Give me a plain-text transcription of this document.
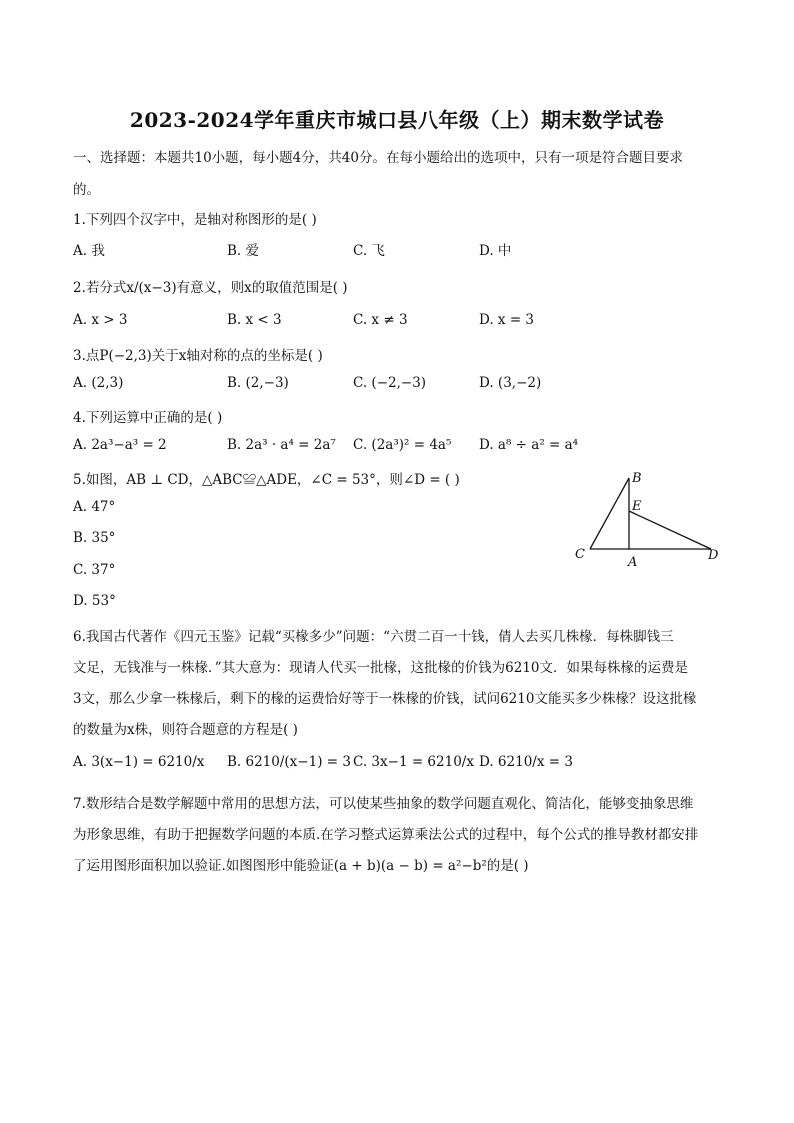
2023-2024学年重庆市城口县八年级（上）期末数学试卷
一、选择题：本题共10小题，每小题4分，共40分。在每小题给出的选项中，只有一项是符合题目要求
的。
1.下列四个汉字中，是轴对称图形的是( )
A. 我	B. 爱	C. 飞	D. 中
2.若分式x/(x−3)有意义，则x的取值范围是( )
A. x > 3	B. x < 3	C. x ≠ 3	D. x = 3
3.点P(−2,3)关于x轴对称的点的坐标是( )
A. (2,3)	B. (2,−3)	C. (−2,−3)	D. (3,−2)
4.下列运算中正确的是( )
A. 2a³−a³ = 2	B. 2a³ · a⁴ = 2a⁷ C. (2a³)² = 4a⁵ D. a⁸ ÷ a² = a⁴
5.如图，AB ⊥ CD，△ABC≌△ADE，∠C = 53°，则∠D = ( )
A. 47°
B. 35°
C. 37°
D. 53°
B
E
C
A	D
6.我国古代著作《四元玉鉴》记载“买椽多少”问题：“六贯二百一十钱，倩人去买几株椽．每株脚钱三
文足，无钱准与一株椽．”其大意为：现请人代买一批椽，这批椽的价钱为6210文．如果每株椽的运费是
3文，那么少拿一株椽后，剩下的椽的运费恰好等于一株椽的价钱，试问6210文能买多少株椽？设这批椽
的数量为x株，则符合题意的方程是( )
A. 3(x−1) = 6210/x B. 6210/(x−1) = 3 C. 3x−1 = 6210/x D. 6210/x = 3
7.数形结合是数学解题中常用的思想方法，可以使某些抽象的数学问题直观化、简洁化，能够变抽象思维
为形象思维，有助于把握数学问题的本质.在学习整式运算乘法公式的过程中，每个公式的推导教材都安排
了运用图形面积加以验证.如图图形中能验证(a + b)(a − b) = a²−b²的是( )
